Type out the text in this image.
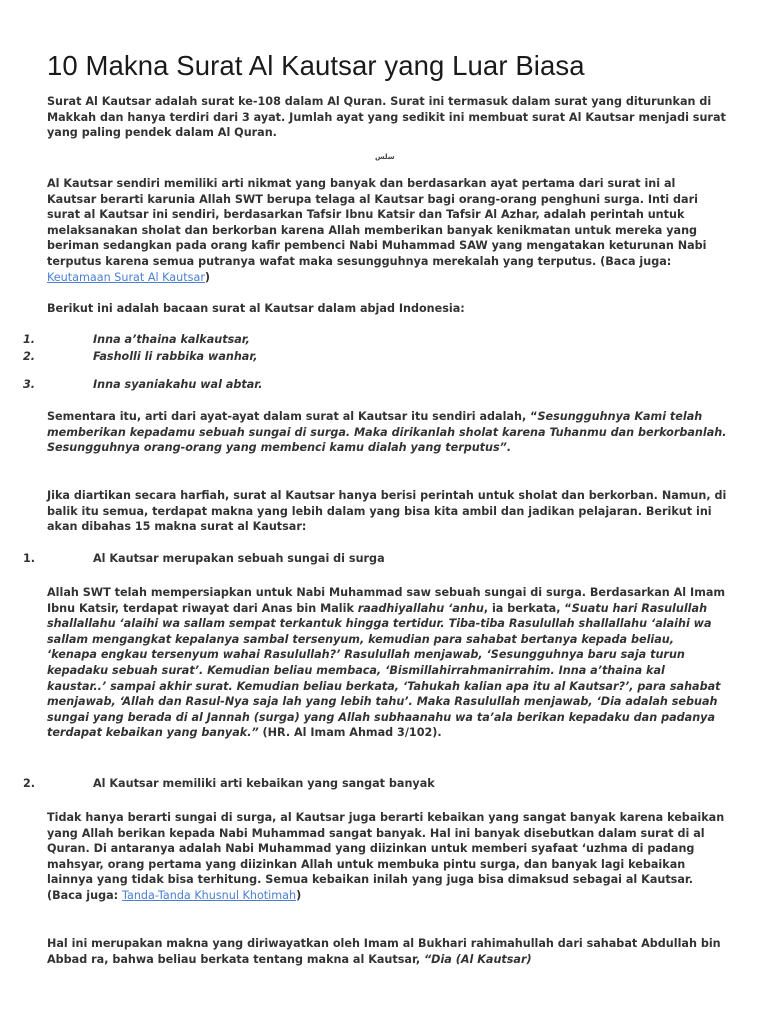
10 Makna Surat Al Kautsar yang Luar Biasa

Surat Al Kautsar adalah surat ke-108 dalam Al Quran. Surat ini termasuk dalam surat yang diturunkan di Makkah dan hanya terdiri dari 3 ayat. Jumlah ayat yang sedikit ini membuat surat Al Kautsar menjadi surat yang paling pendek dalam Al Quran.

سلس

Al Kautsar sendiri memiliki arti nikmat yang banyak dan berdasarkan ayat pertama dari surat ini al Kautsar berarti karunia Allah SWT berupa telaga al Kautsar bagi orang-orang penghuni surga. Inti dari surat al Kautsar ini sendiri, berdasarkan Tafsir Ibnu Katsir dan Tafsir Al Azhar, adalah perintah untuk melaksanakan sholat dan berkorban karena Allah memberikan banyak kenikmatan untuk mereka yang beriman sedangkan pada orang kafir pembenci Nabi Muhammad SAW yang mengatakan keturunan Nabi terputus karena semua putranya wafat maka sesungguhnya merekalah yang terputus. (Baca juga: Keutamaan Surat Al Kautsar)

Berikut ini adalah bacaan surat al Kautsar dalam abjad Indonesia:

1.	Inna a’thaina kalkautsar,
2.	Fasholli li rabbika wanhar,
3.	Inna syaniakahu wal abtar.

Sementara itu, arti dari ayat-ayat dalam surat al Kautsar itu sendiri adalah, “Sesungguhnya Kami telah memberikan kepadamu sebuah sungai di surga. Maka dirikanlah sholat karena Tuhanmu dan berkorbanlah. Sesungguhnya orang-orang yang membenci kamu dialah yang terputus”.

Jika diartikan secara harfiah, surat al Kautsar hanya berisi perintah untuk sholat dan berkorban. Namun, di balik itu semua, terdapat makna yang lebih dalam yang bisa kita ambil dan jadikan pelajaran. Berikut ini akan dibahas 15 makna surat al Kautsar:

1.	Al Kautsar merupakan sebuah sungai di surga

Allah SWT telah mempersiapkan untuk Nabi Muhammad saw sebuah sungai di surga. Berdasarkan Al Imam Ibnu Katsir, terdapat riwayat dari Anas bin Malik raadhiyallahu ‘anhu, ia berkata, “Suatu hari Rasulullah shallallahu ‘alaihi wa sallam sempat terkantuk hingga tertidur. Tiba-tiba Rasulullah shallallahu ‘alaihi wa sallam mengangkat kepalanya sambal tersenyum, kemudian para sahabat bertanya kepada beliau, ‘kenapa engkau tersenyum wahai Rasulullah?’ Rasulullah menjawab, ‘Sesungguhnya baru saja turun kepadaku sebuah surat’. Kemudian beliau membaca, ‘Bismillahirrahmanirrahim. Inna a’thaina kal kaustar..’ sampai akhir surat. Kemudian beliau berkata, ‘Tahukah kalian apa itu al Kautsar?’, para sahabat menjawab, ‘Allah dan Rasul-Nya saja lah yang lebih tahu’. Maka Rasulullah menjawab, ‘Dia adalah sebuah sungai yang berada di al Jannah (surga) yang Allah subhaanahu wa ta’ala berikan kepadaku dan padanya terdapat kebaikan yang banyak.” (HR. Al Imam Ahmad 3/102).

2.	Al Kautsar memiliki arti kebaikan yang sangat banyak

Tidak hanya berarti sungai di surga, al Kautsar juga berarti kebaikan yang sangat banyak karena kebaikan yang Allah berikan kepada Nabi Muhammad sangat banyak. Hal ini banyak disebutkan dalam surat di al Quran. Di antaranya adalah Nabi Muhammad yang diizinkan untuk memberi syafaat ‘uzhma di padang mahsyar, orang pertama yang diizinkan Allah untuk membuka pintu surga, dan banyak lagi kebaikan lainnya yang tidak bisa terhitung. Semua kebaikan inilah yang juga bisa dimaksud sebagai al Kautsar. (Baca juga: Tanda-Tanda Khusnul Khotimah)

Hal ini merupakan makna yang diriwayatkan oleh Imam al Bukhari rahimahullah dari sahabat Abdullah bin Abbad ra, bahwa beliau berkata tentang makna al Kautsar, “Dia (Al Kautsar)
